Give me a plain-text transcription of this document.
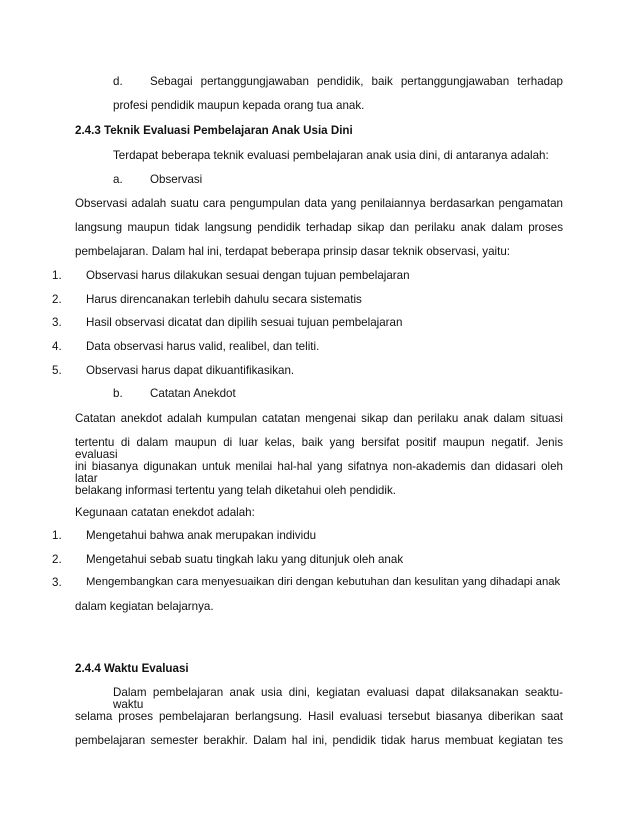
d. Sebagai pertanggungjawaban pendidik, baik pertanggungjawaban terhadap
profesi pendidik maupun kepada orang tua anak.
2.4.3 Teknik Evaluasi Pembelajaran Anak Usia Dini
Terdapat beberapa teknik evaluasi pembelajaran anak usia dini, di antaranya adalah:
a. Observasi
Observasi adalah suatu cara pengumpulan data yang penilaiannya berdasarkan pengamatan
langsung maupun tidak langsung pendidik terhadap sikap dan perilaku anak dalam proses
pembelajaran. Dalam hal ini, terdapat beberapa prinsip dasar teknik observasi, yaitu:
1. Observasi harus dilakukan sesuai dengan tujuan pembelajaran
2. Harus direncanakan terlebih dahulu secara sistematis
3. Hasil observasi dicatat dan dipilih sesuai tujuan pembelajaran
4. Data observasi harus valid, realibel, dan teliti.
5. Observasi harus dapat dikuantifikasikan.
b. Catatan Anekdot
Catatan anekdot adalah kumpulan catatan mengenai sikap dan perilaku anak dalam situasi
tertentu di dalam maupun di luar kelas, baik yang bersifat positif maupun negatif. Jenis evaluasi
ini biasanya digunakan untuk menilai hal-hal yang sifatnya non-akademis dan didasari oleh latar
belakang informasi tertentu yang telah diketahui oleh pendidik.
Kegunaan catatan enekdot adalah:
1. Mengetahui bahwa anak merupakan individu
2. Mengetahui sebab suatu tingkah laku yang ditunjuk oleh anak
3. Mengembangkan cara menyesuaikan diri dengan kebutuhan dan kesulitan yang dihadapi anak
dalam kegiatan belajarnya.
2.4.4 Waktu Evaluasi
Dalam pembelajaran anak usia dini, kegiatan evaluasi dapat dilaksanakan seaktu-waktu
selama proses pembelajaran berlangsung. Hasil evaluasi tersebut biasanya diberikan saat
pembelajaran semester berakhir. Dalam hal ini, pendidik tidak harus membuat kegiatan tes
